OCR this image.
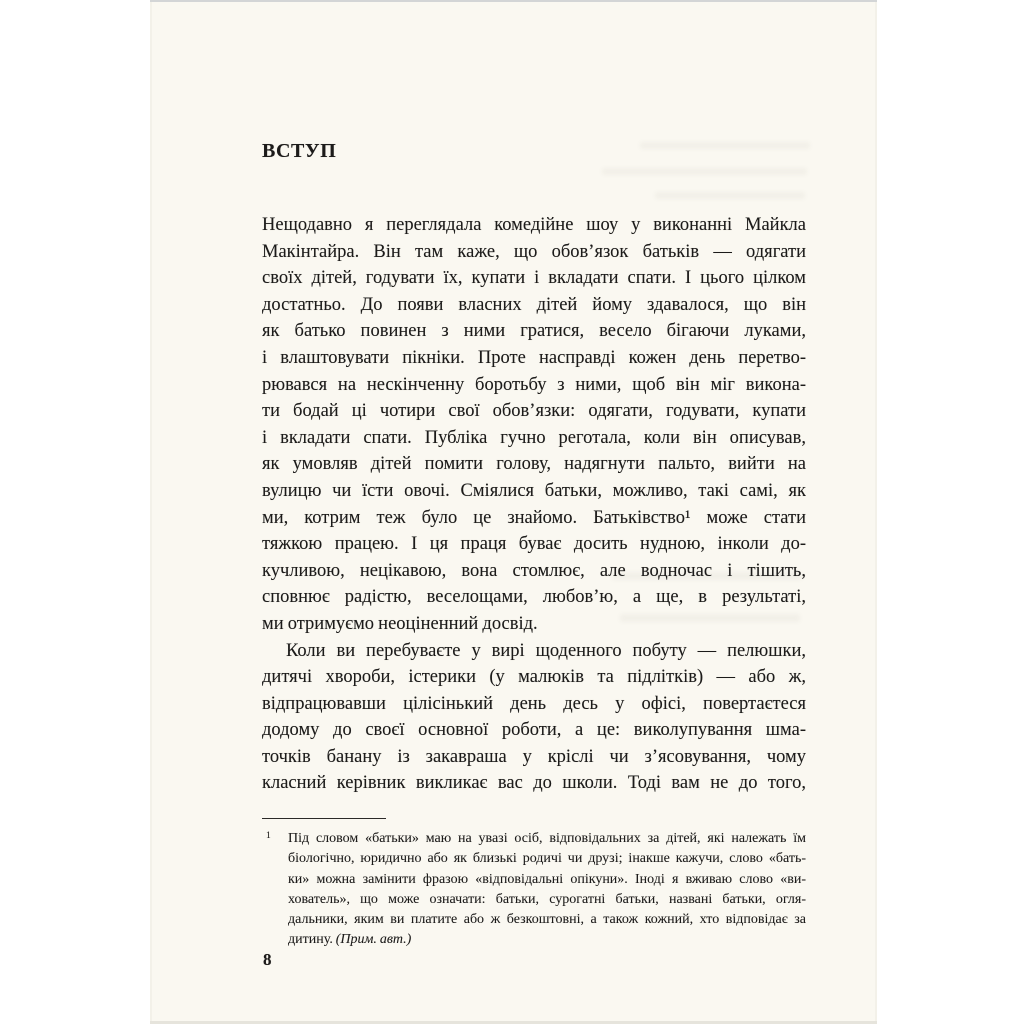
ВСТУП
Нещодавно я переглядала комедійне шоу у виконанні Майкла
Макінтайра. Він там каже, що обов’язок батьків — одягати
своїх дітей, годувати їх, купати і вкладати спати. І цього цілком
достатньо. До появи власних дітей йому здавалося, що він
як батько повинен з ними гратися, весело бігаючи луками,
і влаштовувати пікніки. Проте насправді кожен день перетво-
рювався на нескінченну боротьбу з ними, щоб він міг викона-
ти бодай ці чотири свої обов’язки: одягати, годувати, купати
і вкладати спати. Публіка гучно реготала, коли він описував,
як умовляв дітей помити голову, надягнути пальто, вийти на
вулицю чи їсти овочі. Сміялися батьки, можливо, такі самі, як
ми, котрим теж було це знайомо. Батьківство¹ може стати
тяжкою працею. І ця праця буває досить нудною, інколи до-
кучливою, нецікавою, вона стомлює, але водночас і тішить,
сповнює радістю, веселощами, любов’ю, а ще, в результаті,
ми отримуємо неоціненний досвід.
Коли ви перебуваєте у вирі щоденного побуту — пелюшки,
дитячі хвороби, істерики (у малюків та підлітків) — або ж,
відпрацювавши цілісінький день десь у офісі, повертаєтеся
додому до своєї основної роботи, а це: виколупування шма-
точків банану із закавраша у кріслі чи з’ясовування, чому
класний керівник викликає вас до школи. Тоді вам не до того,
1 Під словом «батьки» маю на увазі осіб, відповідальних за дітей, які належать їм
біологічно, юридично або як близькі родичі чи друзі; інакше кажучи, слово «бать-
ки» можна замінити фразою «відповідальні опікуни». Іноді я вживаю слово «ви-
хователь», що може означати: батьки, сурогатні батьки, названі батьки, огля-
дальники, яким ви платите або ж безкоштовні, а також кожний, хто відповідає за
дитину. (Прим. авт.)
8
